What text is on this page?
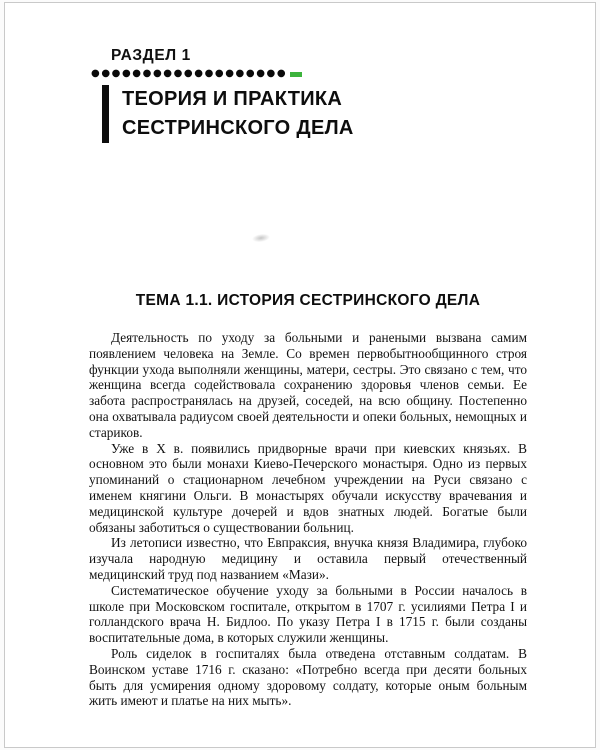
РАЗДЕЛ 1
●●●●●●●●●●●●●●●●●●●
ТЕОРИЯ И ПРАКТИКА
СЕСТРИНСКОГО ДЕЛА
ТЕМА 1.1. ИСТОРИЯ СЕСТРИНСКОГО ДЕЛА

Деятельность по уходу за больными и ранеными вызвана самим появлением человека на Земле. Со времен первобытнообщинного строя функции ухода выполняли женщины, матери, сестры. Это связано с тем, что женщина всегда содействовала сохранению здоровья членов семьи. Ее забота распространялась на друзей, соседей, на всю общину. Постепенно она охватывала радиусом своей деятельности и опеки больных, немощных и стариков.

Уже в X в. появились придворные врачи при киевских князьях. В основном это были монахи Киево-Печерского монастыря. Одно из первых упоминаний о стационарном лечебном учреждении на Руси связано с именем княгини Ольги. В монастырях обучали искусству врачевания и медицинской культуре дочерей и вдов знатных людей. Богатые были обязаны заботиться о существовании больниц.

Из летописи известно, что Евпраксия, внучка князя Владимира, глубоко изучала народную медицину и оставила первый отечественный медицинский труд под названием «Мази».

Систематическое обучение уходу за больными в России началось в школе при Московском госпитале, открытом в 1707 г. усилиями Петра I и голландского врача Н. Бидлоо. По указу Петра I в 1715 г. были созданы воспитательные дома, в которых служили женщины.

Роль сиделок в госпиталях была отведена отставным солдатам. В Воинском уставе 1716 г. сказано: «Потребно всегда при десяти больных быть для усмирения одному здоровому солдату, которые оным больным жить имеют и платье на них мыть».
